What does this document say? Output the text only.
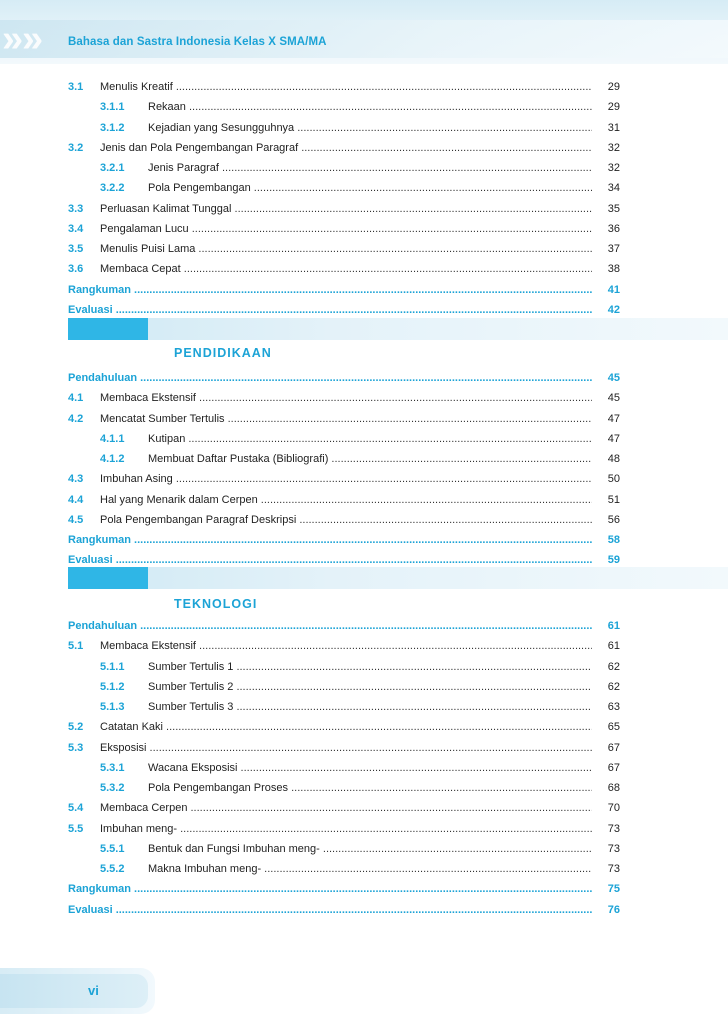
»
» Bahasa dan Sastra Indonesia Kelas X SMA/MA
3.1 Menulis Kreatif .....	29
3.1.1 Rekaan .....	29
3.1.2 Kejadian yang Sesungguhnya .....	31
3.2 Jenis dan Pola Pengembangan Paragraf .....	32
3.2.1 Jenis Paragraf .....	32
3.2.2 Pola Pengembangan .....	34
3.3 Perluasan Kalimat Tunggal .....	35
3.4 Pengalaman Lucu .....	36
3.5 Menulis Puisi Lama .....	37
3.6 Membaca Cepat .....	38
Rangkuman .....	41
Evaluasi .....	42
PENDIDIKAAN
Pendahuluan .....	45
4.1 Membaca Ekstensif .....	45
4.2 Mencatat Sumber Tertulis .....	47
4.1.1 Kutipan .....	47
4.1.2 Membuat Daftar Pustaka (Bibliografi) .....	48
4.3 Imbuhan Asing .....	50
4.4 Hal yang Menarik dalam Cerpen .....	51
4.5 Pola Pengembangan Paragraf Deskripsi .....	56
Rangkuman .....	58
Evaluasi .....	59
TEKNOLOGI
Pendahuluan .....	61
5.1 Membaca Ekstensif .....	61
5.1.1 Sumber Tertulis 1 .....	62
5.1.2 Sumber Tertulis 2 .....	62
5.1.3 Sumber Tertulis 3 .....	63
5.2 Catatan Kaki .....	65
5.3 Eksposisi .....	67
5.3.1 Wacana Eksposisi .....	67
5.3.2 Pola Pengembangan Proses .....	68
5.4 Membaca Cerpen .....	70
5.5 Imbuhan meng- .....	73
5.5.1 Bentuk dan Fungsi Imbuhan meng- .....	73
5.5.2 Makna Imbuhan meng- .....	73
Rangkuman .....	75
Evaluasi .....	76
vi
